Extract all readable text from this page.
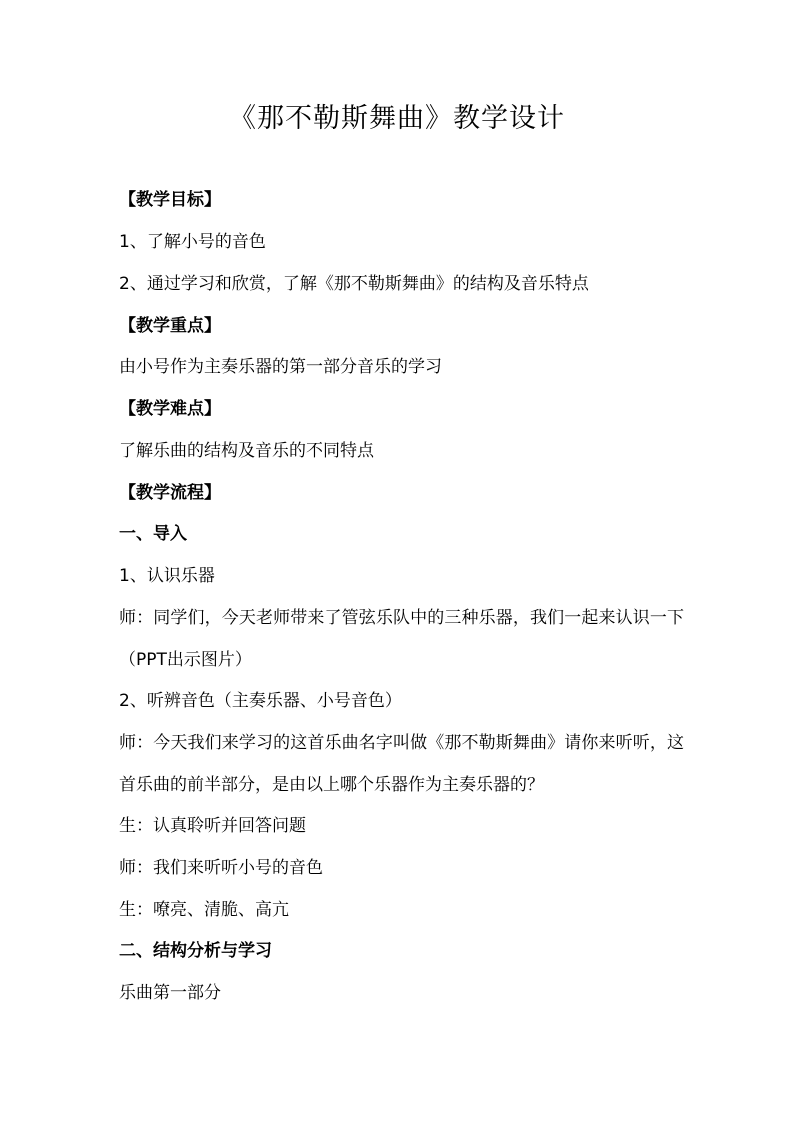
《那不勒斯舞曲》教学设计
【教学目标】
1、了解小号的音色
2、通过学习和欣赏，了解《那不勒斯舞曲》的结构及音乐特点
【教学重点】
由小号作为主奏乐器的第一部分音乐的学习
【教学难点】
了解乐曲的结构及音乐的不同特点
【教学流程】
一、导入
1、认识乐器
师：同学们，今天老师带来了管弦乐队中的三种乐器，我们一起来认识一下（PPT出示图片）
2、听辨音色（主奏乐器、小号音色）
师：今天我们来学习的这首乐曲名字叫做《那不勒斯舞曲》请你来听听，这首乐曲的前半部分，是由以上哪个乐器作为主奏乐器的？
生：认真聆听并回答问题
师：我们来听听小号的音色
生：嘹亮、清脆、高亢
二、结构分析与学习
乐曲第一部分
